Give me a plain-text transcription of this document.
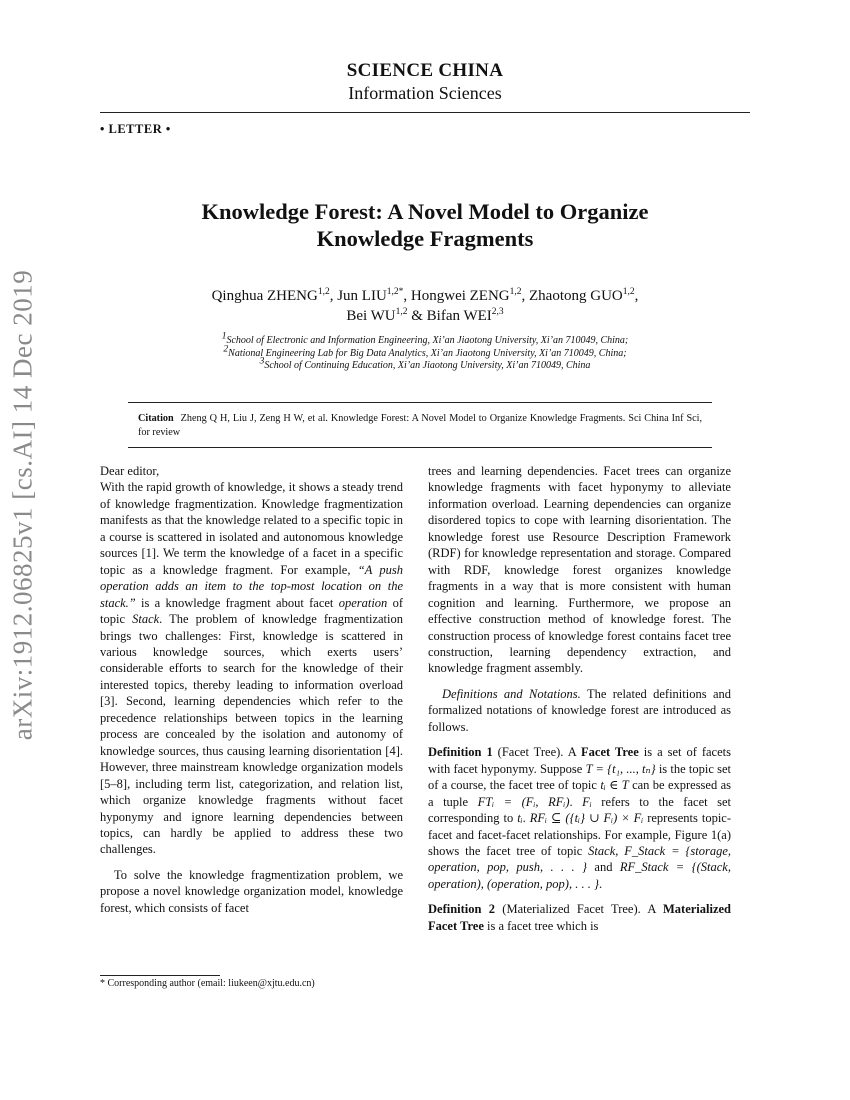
arXiv:1912.06825v1 [cs.AI] 14 Dec 2019
SCIENCE CHINA
Information Sciences
• LETTER •
Knowledge Forest: A Novel Model to Organize
Knowledge Fragments
Qinghua ZHENG$^{1,2}$, Jun $LIU^{1,2*}$, Hongwei ZENG$^{1,2}$, Zhaotong GUO$^{1,2}$,
Bei WU$^{1,2}$ & Bifan WEI$^{2,3}$
$^1$School of Electronic and Information Engineering, Xi’an Jiaotong University, Xi’an 710049, China;
$^2$National Engineering Lab for Big Data Analytics, Xi’an Jiaotong University, Xi’an 710049, China;
$^3$School of Continuing Education, Xi’an Jiaotong University, Xi’an 710049, China
Citation Zheng Q H, Liu J, Zeng H W, et al. Knowledge Forest: A Novel Model to Organize Knowledge Fragments. Sci China Inf Sci, for review

Dear editor,

With the rapid growth of knowledge, it shows a steady trend of knowledge fragmentization. Knowledge fragmentization manifests as that the knowledge related to a specific topic in a course is scattered in isolated and autonomous knowledge sources [1]. We term the knowledge of a facet in a specific topic as a knowledge fragment. For example, “A push operation adds an item to the top-most location on the stack.” is a knowledge fragment about facet operation of topic Stack. The problem of knowledge fragmentization brings two challenges: First, knowledge is scattered in various knowledge sources, which exerts users’ considerable efforts to search for the knowledge of their interested topics, thereby leading to information overload [3]. Second, learning dependencies which refer to the precedence relationships between topics in the learning process are concealed by the isolation and autonomy of knowledge sources, thus causing learning disorientation [4]. However, three mainstream knowledge organization models [5–8], including term list, categorization, and relation list, which organize knowledge fragments without facet hyponymy and ignore learning dependencies between topics, can hardly be applied to address these two challenges.

To solve the knowledge fragmentization problem, we propose a novel knowledge organization model, knowledge forest, which consists of facet

trees and learning dependencies. Facet trees can organize knowledge fragments with facet hyponymy to alleviate information overload. Learning dependencies can organize disordered topics to cope with learning disorientation. The knowledge forest use Resource Description Framework (RDF) for knowledge representation and storage. Compared with RDF, knowledge forest organizes knowledge fragments in a way that is more consistent with human cognition and learning. Furthermore, we propose an effective construction method of knowledge forest. The construction process of knowledge forest contains facet tree construction, learning dependency extraction, and knowledge fragment assembly.

Definitions and Notations. The related definitions and formalized notations of knowledge forest are introduced as follows.

Definition 1 (Facet Tree). A Facet Tree is a set of facets with facet hyponymy. Suppose T = {t₁, ..., tₙ} is the topic set of a course, the facet tree of topic tᵢ ∈ T can be expressed as a tuple FTᵢ = (Fᵢ, RFᵢ). Fᵢ refers to the facet set corresponding to tᵢ. RFᵢ ⊆ ({tᵢ} ∪ Fᵢ) × Fᵢ represents topic-facet and facet-facet relationships. For example, Figure 1(a) shows the facet tree of topic Stack, F_Stack = {storage, operation, pop, push, . . . } and RF_Stack = {(Stack, operation), (operation, pop), . . . }.

Definition 2 (Materialized Facet Tree). A Materialized Facet Tree is a facet tree which is

* Corresponding author (email: liukeen@xjtu.edu.cn)
